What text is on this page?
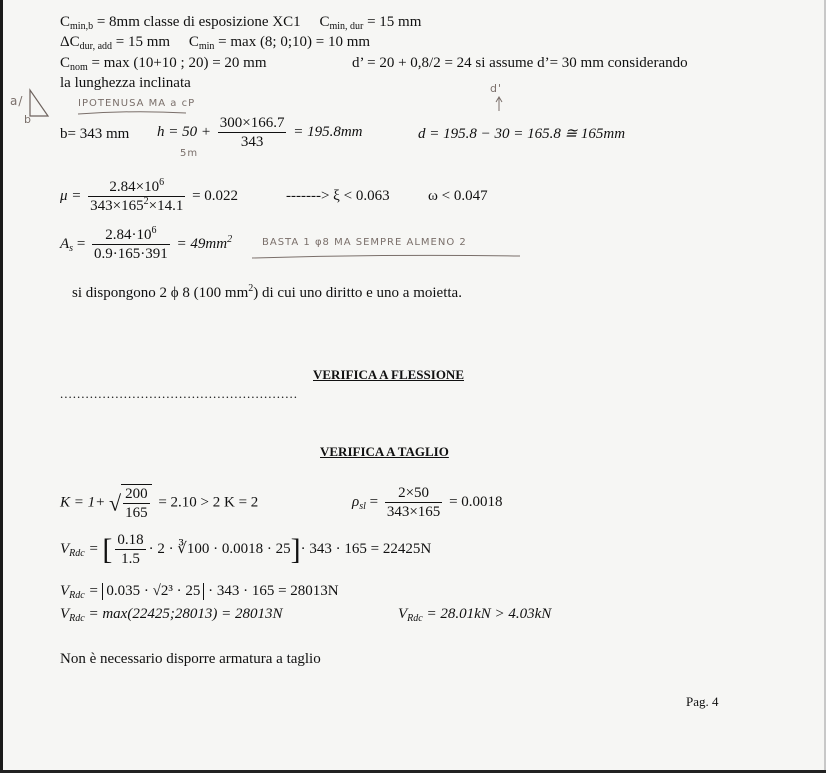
$C_{min,b} = 8mm$ classe di esposizione XC1 $C_{min, dur} = 15$ mm
$\Delta C_{dur, add} = 15$ mm $C_{min} = \max (8$; 0;10) = 10 mm
$C_{nom} = \max (10+10$ ; 20) = 20 mm	d’ = 20 + 0,8/2 = 24 si assume d’= 30 mm considerando
la lunghezza inclinata
a/
b
IPOTENUSA MA a cP
d'
b= 343 mm $h = 50 + \frac{300\times 166.7}{343} = 195.8mm$
5m
d = 195.8 − 30 = 165.8 ≅ 165mm
$\mu = \frac{2.84\times 10^6}{343\times 165^2\times 14.1} = 0.022$	-------> ξ < 0.063	ω < 0.047
$A_s = \frac{2.84\cdot 10^6}{0.9\cdot 165\cdot 391} = 49mm^2$	BASTA 1 φ8 MA SEMPRE ALMENO 2
si dispongono 2 ϕ 8 (100 $mm^2$) di cui uno diritto e uno a moietta.
VERIFICA A FLESSIONE
........................................................
VERIFICA A TAGLIO
K = 1+ √ $\frac{200}{165} = 2.10 > 2$ K = 2	$\rho_{sl} = \frac{2\times 50}{343\times 165} = 0.0018$
$V_{Rdc}$ = [ $\frac{0.18}{1.5} \cdot 2$ · ∛100 · 0.0018 · 25]· 343 · 165 = 22425N
$V_{Rdc} = 0.035 \cdot √2^3 \cdot 25 \cdot 343 \cdot 165 = 28013N$
$V_{Rdc}$ = max(22425;28013) = 28013N	$V_{Rdc} = 28.01kN > 4.03kN$
Non è necessario disporre armatura a taglio
Pag. 4
